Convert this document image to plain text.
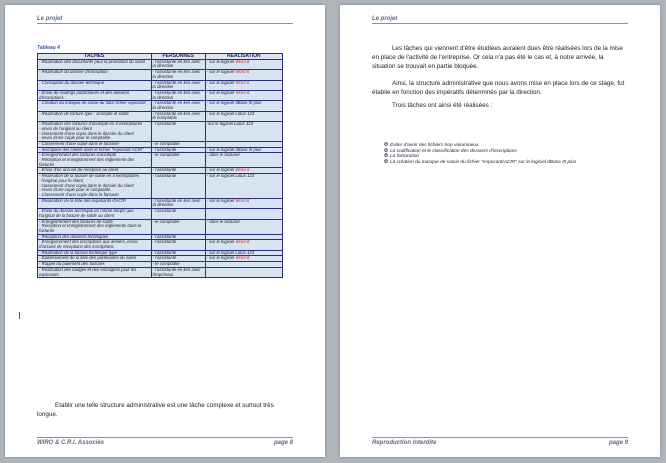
Le projet
Tableau 4
TACHES	PERSONNES	REALISATION
- Réalisation des documents pour la promotion du salon	- l'assistante en lien avec la direction	- sur le logiciel Word 6
- Réalisation du dossier d'inscription	- l'assistante en lien avec la direction	- sur le logiciel Word 6
- Conception du dossier technique	- l'assistante en lien avec la direction	- sur le logiciel Word 6
- Envoi de mailings publicitaires et des dossiers d'inscriptions	- l'assistante en lien avec la direction	- sur le logiciel Word 6
- Création du masque de saisie du futur fichier exposant	- l'assistante en lien avec la direction	- sur le logiciel dBase III plus
- Réalisation de facture type : acompte et solde	- l'assistante en lien avec le comptable	- sur le logiciel Lotus 123
- Réalisation des factures d'acompte en 4 exemplaires
- envoi de l'original au client
- classement d'une copie dans le dossier du client
- envoi d'une copie pour le comptable	- l'assistante	-sur le logiciel Lotus 123
- Classement d'une copie dans le facturier	- le comptable	
- Inscription des clients dans le fichier "exposant ACRI"	- l'assistante	- sur le logiciel dBase III plus
- Enregistrement des factures d'acompte
- Réception et enregistrement des règlements des factures	- le comptable	- dans le facturier
- Envoi d'un accusé de réception au client	- l'assistante	- sur le logiciel Word 6
- Réalisation de la facture de solde en 4 exemplaires
- l'original pour le client
- classement d'une copie dans le dossier du client
- envoi d'une copie pour le comptable
- Classement d'une copie dans le facturier	- l'assistante	- sur le logiciel Lotus 123
- Réalisation de la liste des exposants d'ACRI	- l'assistante en lien avec la direction	- sur le logiciel Word 6
- Envoi du dossier technique en même temps que l'original de la facture de solde au client	- l'assistante	
- Enregistrement des factures de solde
- Réception et enregistrement des règlements dans le facturier	- le comptable	- dans le facturier
- Réception des dossiers techniques	- l'assistante	
- Enregistrement des inscriptions aux ateliers, envoi d'accusé de réceptions des inscriptions	- l'assistante	- sur le logiciel Word 6
- Réalisation de la facture technique type	- l'assistante	- sur le logiciel Lotus 123
- Etablissement de la liste des partenaires du salon	- l'assistante	- sur le logiciel Word 6
- Rappel du paiement des factures	- le comptable	
- Réalisation des badges et des enseignes pour les exposants	- l'assistante en lien avec l'imprimeur	
Etablir une telle structure administrative est une tâche complexe et surtout très longue.
WIRO & C.R.I. Associés	page 8
Le projet
Les tâches qui viennent d'être étudiées auraient dues être réalisées lors de la mise en place de l'activité de l'entreprise. Or cela n'a pas été le cas et, à notre arrivée, la situation se trouvait en partie bloquée.
Ainsi, la structure administrative que nous avons mise en place lors de ce stage, fut établie en fonction des impératifs déterminés par la direction.
Trois tâches ont ainsi été réalisées :
❂ Éviter d'avoir des fichiers trop volumineux
❂ La codification et le classification des dossiers d'inscriptions
❂ La facturation
❂ La création du masque de saisie du fichier "exposant/ACRI" sur le logiciel dBase III plus
Reproduction Interdite	page 9
